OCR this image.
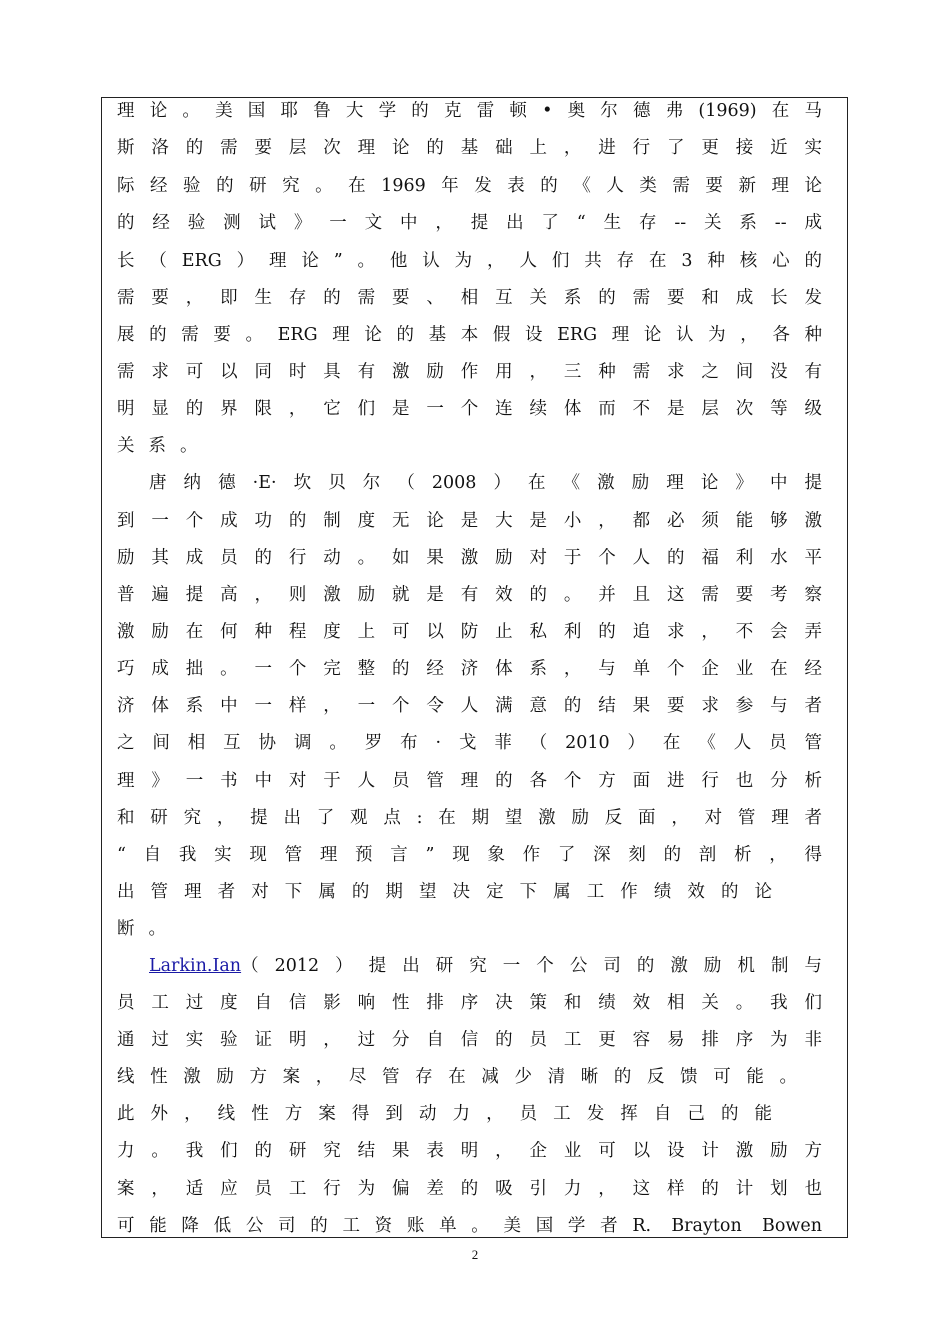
理论。美国耶鲁大学的克雷顿•奥尔德弗(1969)在马
斯洛的需要层次理论的基础上，进行了更接近实
际经验的研究。在1969年发表的《人类需要新理论
的经验测试》一文中，提出了“生存--关系--成
长（ERG）理论”。他认为，人们共存在3种核心的
需要，即生存的需要、相互关系的需要和成长发
展的需要。ERG理论的基本假设ERG理论认为，各种
需求可以同时具有激励作用，三种需求之间没有
明显的界限，它们是一个连续体而不是层次等级
关系。
唐纳德·E·坎贝尔（2008）在《激励理论》中提
到一个成功的制度无论是大是小，都必须能够激
励其成员的行动。如果激励对于个人的福利水平
普遍提高，则激励就是有效的。并且这需要考察
激励在何种程度上可以防止私利的追求，不会弄
巧成拙。一个完整的经济体系，与单个企业在经
济体系中一样，一个令人满意的结果要求参与者
之间相互协调。罗布·戈菲（2010）在《人员管
理》一书中对于人员管理的各个方面进行也分析
和研究，提出了观点:在期望激励反面，对管理者
“自我实现管理预言”现象作了深刻的剖析，得
出管理者对下属的期望决定下属工作绩效的论
断。
Larkin.Ian （2012）提出研究一个公司的激励机制与
员工过度自信影响性排序决策和绩效相关。我们
通过实验证明，过分自信的员工更容易排序为非
线性激励方案，尽管存在减少清晰的反馈可能。
此外，线性方案得到动力，员工发挥自己的能
力。我们的研究结果表明，企业可以设计激励方
案，适应员工行为偏差的吸引力，这样的计划也
可能降低公司的工资账单。美国学者R. Brayton Bowen
2
